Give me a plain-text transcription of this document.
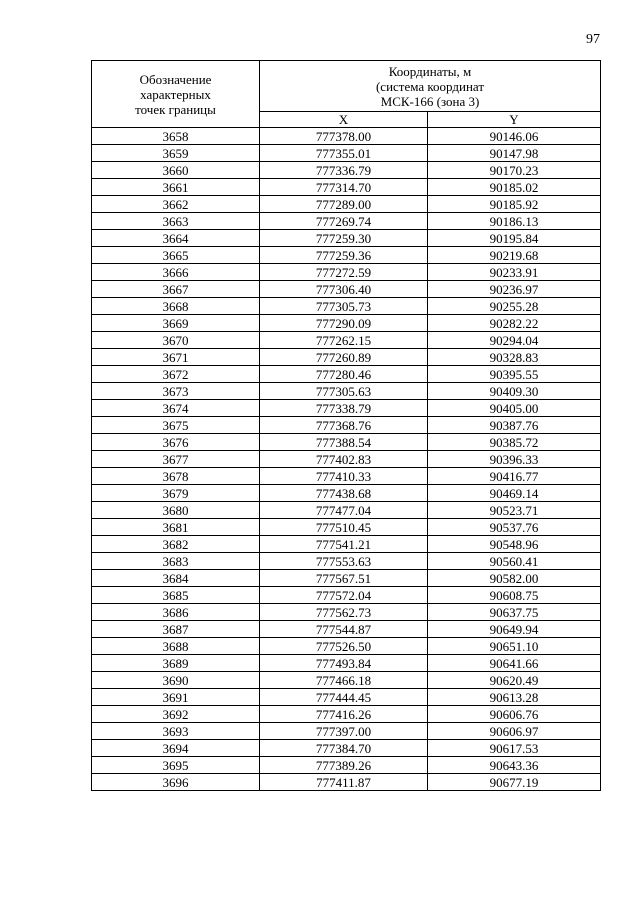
97
Обозначение
характерных
точек границы	Координаты, м
(система координат
МСК-166 (зона 3)	

	X	Y
3658	777378.00	90146.06
3659	777355.01	90147.98
3660	777336.79	90170.23
3661	777314.70	90185.02
3662	777289.00	90185.92
3663	777269.74	90186.13
3664	777259.30	90195.84
3665	777259.36	90219.68
3666	777272.59	90233.91
3667	777306.40	90236.97
3668	777305.73	90255.28
3669	777290.09	90282.22
3670	777262.15	90294.04
3671	777260.89	90328.83
3672	777280.46	90395.55
3673	777305.63	90409.30
3674	777338.79	90405.00
3675	777368.76	90387.76
3676	777388.54	90385.72
3677	777402.83	90396.33
3678	777410.33	90416.77
3679	777438.68	90469.14
3680	777477.04	90523.71
3681	777510.45	90537.76
3682	777541.21	90548.96
3683	777553.63	90560.41
3684	777567.51	90582.00
3685	777572.04	90608.75
3686	777562.73	90637.75
3687	777544.87	90649.94
3688	777526.50	90651.10
3689	777493.84	90641.66
3690	777466.18	90620.49
3691	777444.45	90613.28
3692	777416.26	90606.76
3693	777397.00	90606.97
3694	777384.70	90617.53
3695	777389.26	90643.36
3696	777411.87	90677.19
